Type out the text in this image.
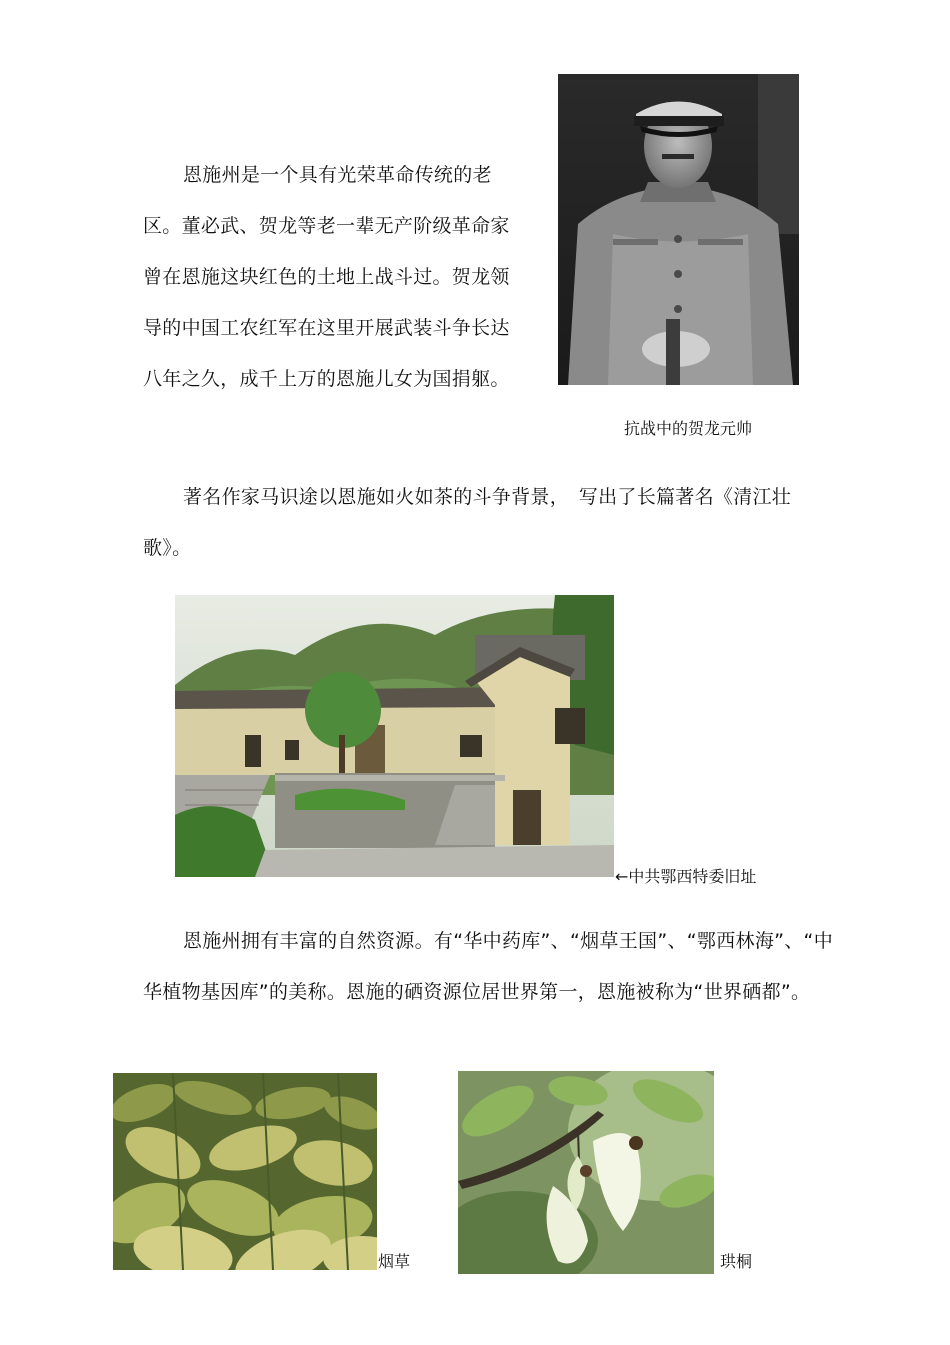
恩施州是一个具有光荣革命传统的老区。董必武、贺龙等老一辈无产阶级革命家曾在恩施这块红色的土地上战斗过。贺龙领导的中国工农红军在这里开展武装斗争长达八年之久，成千上万的恩施儿女为国捐躯。

抗战中的贺龙元帅

著名作家马识途以恩施如火如茶的斗争背景，　写出了长篇著名《清江壮歌》。

←中共鄂西特委旧址

恩施州拥有丰富的自然资源。有“华中药库”、“烟草王国”、“鄂西林海”、“中华植物基因库”的美称。恩施的硒资源位居世界第一，恩施被称为“世界硒都”。

烟草	珙桐
